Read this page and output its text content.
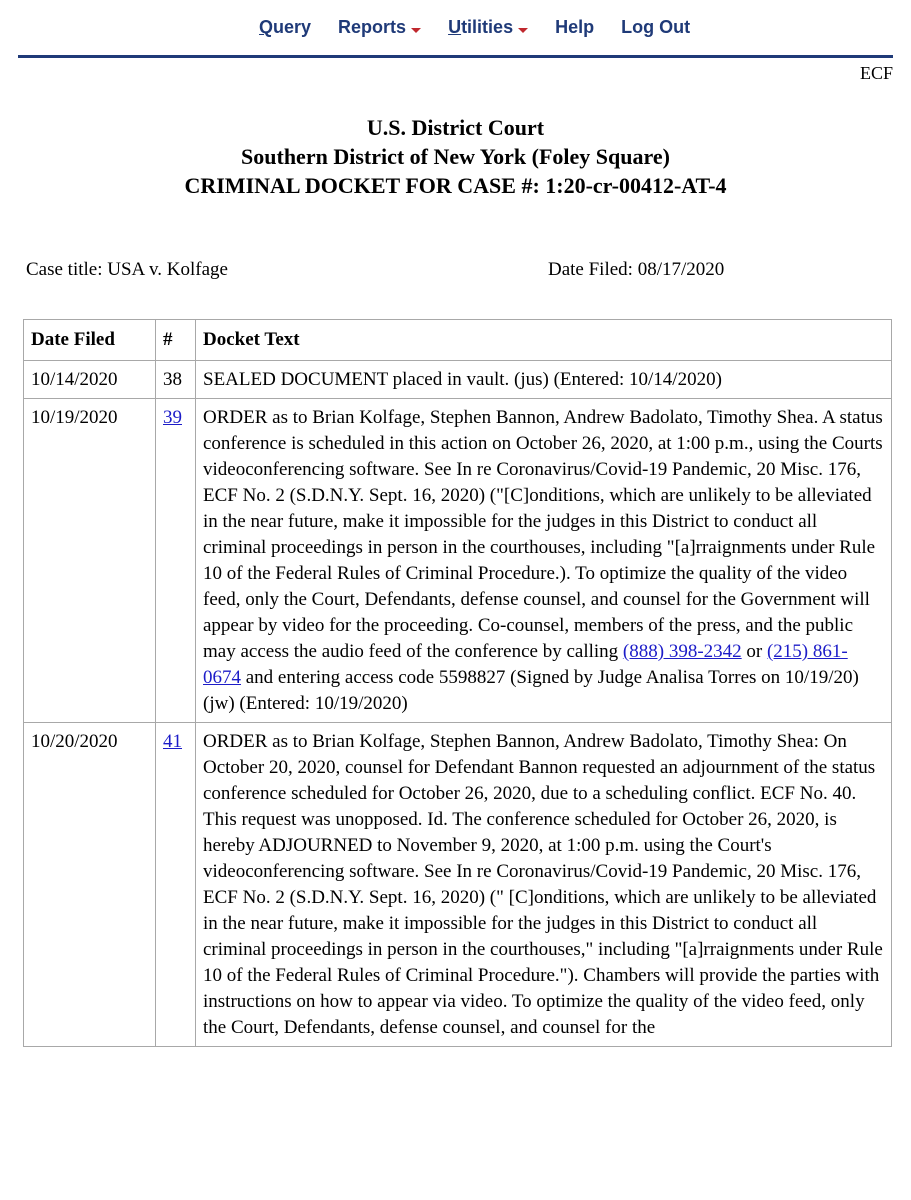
Q uery Reports U tilities Help Log Out
ECF
U.S. District Court
Southern District of New York (Foley Square)
CRIMINAL DOCKET FOR CASE #: 1:20-cr-00412-AT-4
Case title: USA v. Kolfage	Date Filed: 08/17/2020
Date Filed	#	Docket Text
10/14/2020	38	SEALED DOCUMENT placed in vault. (jus) (Entered: 10/14/2020)
10/19/2020	39	ORDER as to Brian Kolfage, Stephen Bannon, Andrew Badolato, Timothy Shea. A status conference is scheduled in this action on October 26, 2020, at 1:00 p.m., using the Courts videoconferencing software. See In re Coronavirus/Covid-19 Pandemic, 20 Misc. 176, ECF No. 2 (S.D.N.Y. Sept. 16, 2020) ("[C]onditions, which are unlikely to be alleviated in the near future, make it impossible for the judges in this District to conduct all criminal proceedings in person in the courthouses, including "[a]rraignments under Rule 10 of the Federal Rules of Criminal Procedure.). To optimize the quality of the video feed, only the Court, Defendants, defense counsel, and counsel for the Government will appear by video for the proceeding. Co-counsel, members of the press, and the public may access the audio feed of the conference by calling (888) 398-2342 or (215) 861-0674 and entering access code 5598827 (Signed by Judge Analisa Torres on 10/19/20)(jw) (Entered: 10/19/2020)
10/20/2020	41	ORDER as to Brian Kolfage, Stephen Bannon, Andrew Badolato, Timothy Shea: On October 20, 2020, counsel for Defendant Bannon requested an adjournment of the status conference scheduled for October 26, 2020, due to a scheduling conflict. ECF No. 40. This request was unopposed. Id. The conference scheduled for October 26, 2020, is hereby ADJOURNED to November 9, 2020, at 1:00 p.m. using the Court's videoconferencing software. See In re Coronavirus/Covid-19 Pandemic, 20 Misc. 176, ECF No. 2 (S.D.N.Y. Sept. 16, 2020) (" [C]onditions, which are unlikely to be alleviated in the near future, make it impossible for the judges in this District to conduct all criminal proceedings in person in the courthouses," including "[a]rraignments under Rule 10 of the Federal Rules of Criminal Procedure."). Chambers will provide the parties with instructions on how to appear via video. To optimize the quality of the video feed, only the Court, Defendants, defense counsel, and counsel for the
